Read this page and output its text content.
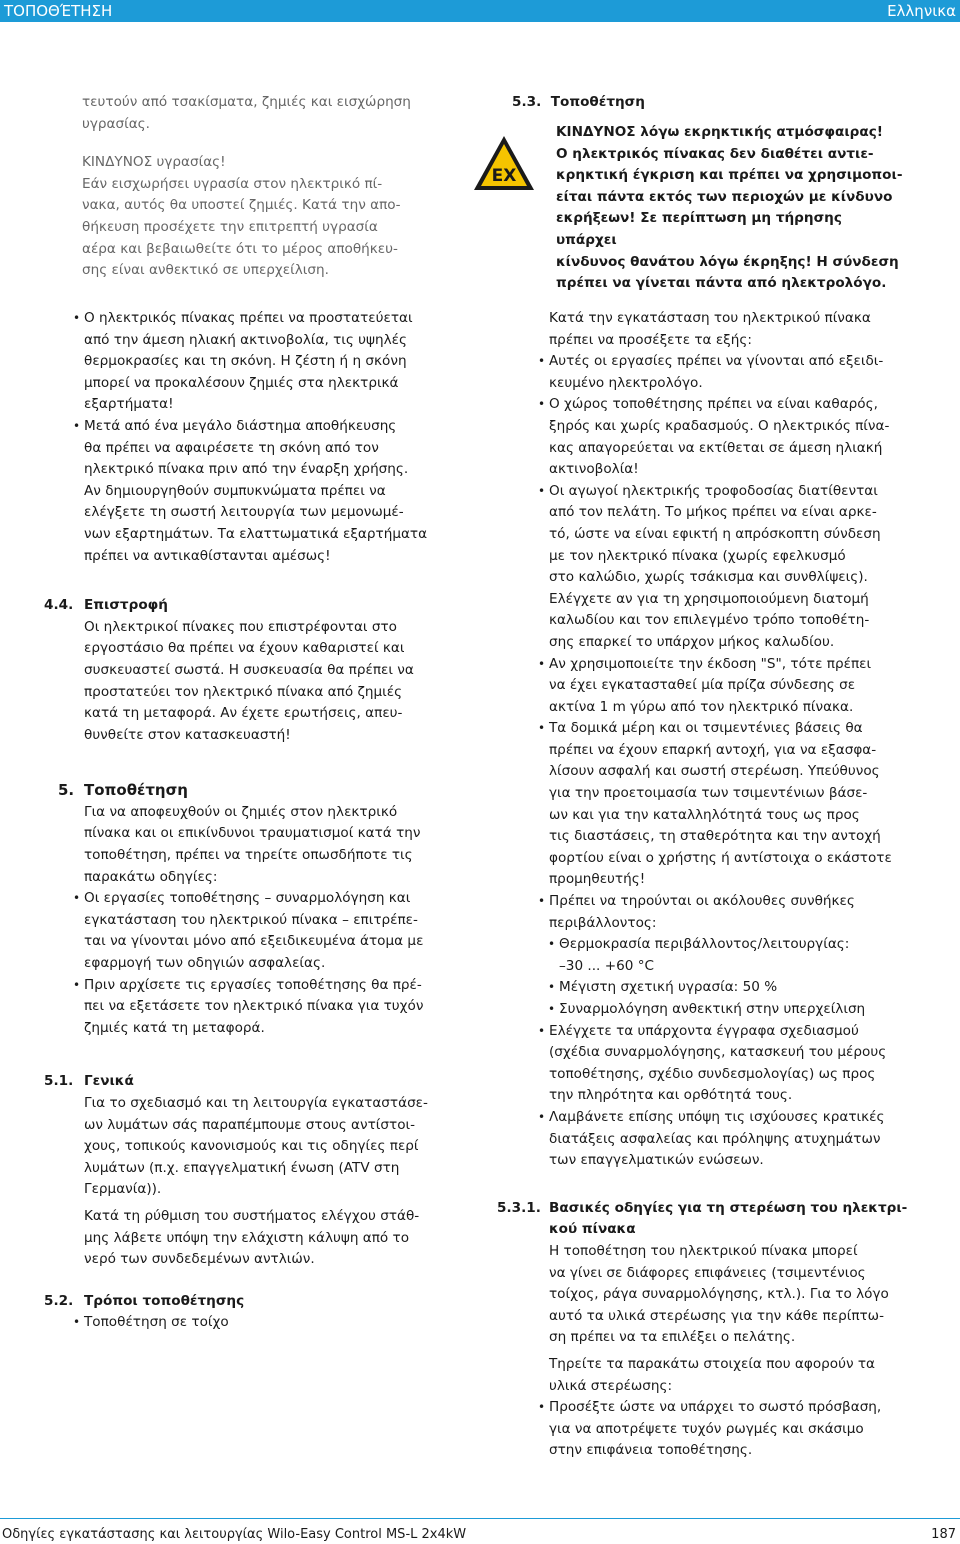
ΤΟΠΟΘΈΤΗΣΗ	Ελληνικα

τευτούν από τσακίσματα, ζημιές και εισχώρηση

υγρασίας.

ΚΙΝΔΥΝΟΣ υγρασίας!

Εάν εισχωρήσει υγρασία στον ηλεκτρικό πί-

νακα, αυτός θα υποστεί ζημιές. Κατά την απο-

θήκευση προσέχετε την επιτρεπτή υγρασία

αέρα και βεβαιωθείτε ότι το μέρος αποθήκευ-

σης είναι ανθεκτικό σε υπερχείλιση.

5.3. Τοποθέτηση

EX

ΚΙΝΔΥΝΟΣ λόγω εκρηκτικής ατμόσφαιρας!

Ο ηλεκτρικός πίνακας δεν διαθέτει αντιε-

κρηκτική έγκριση και πρέπει να χρησιμοποι-

είται πάντα εκτός των περιοχών με κίνδυνο

εκρήξεων! Σε περίπτωση μη τήρησης υπάρχει

κίνδυνος θανάτου λόγω έκρηξης! Η σύνδεση

πρέπει να γίνεται πάντα από ηλεκτρολόγο.

• Ο ηλεκτρικός πίνακας πρέπει να προστατεύεται

από την άμεση ηλιακή ακτινοβολία, τις υψηλές

θερμοκρασίες και τη σκόνη. Η ζέστη ή η σκόνη

μπορεί να προκαλέσουν ζημιές στα ηλεκτρικά

εξαρτήματα!

• Μετά από ένα μεγάλο διάστημα αποθήκευσης

θα πρέπει να αφαιρέσετε τη σκόνη από τον

ηλεκτρικό πίνακα πριν από την έναρξη χρήσης.

Αν δημιουργηθούν συμπυκνώματα πρέπει να

ελέγξετε τη σωστή λειτουργία των μεμονωμέ-

νων εξαρτημάτων. Τα ελαττωματικά εξαρτήματα

πρέπει να αντικαθίστανται αμέσως!

4.4. Επιστροφή

Οι ηλεκτρικοί πίνακες που επιστρέφονται στο

εργοστάσιο θα πρέπει να έχουν καθαριστεί και

συσκευαστεί σωστά. Η συσκευασία θα πρέπει να

προστατεύει τον ηλεκτρικό πίνακα από ζημιές

κατά τη μεταφορά. Αν έχετε ερωτήσεις, απευ-

θυνθείτε στον κατασκευαστή!

5. Τοποθέτηση

Για να αποφευχθούν οι ζημιές στον ηλεκτρικό

πίνακα και οι επικίνδυνοι τραυματισμοί κατά την

τοποθέτηση, πρέπει να τηρείτε οπωσδήποτε τις

παρακάτω οδηγίες:

• Οι εργασίες τοποθέτησης – συναρμολόγηση και

εγκατάσταση του ηλεκτρικού πίνακα – επιτρέπε-

ται να γίνονται μόνο από εξειδικευμένα άτομα με

εφαρμογή των οδηγιών ασφαλείας.

• Πριν αρχίσετε τις εργασίες τοποθέτησης θα πρέ-

πει να εξετάσετε τον ηλεκτρικό πίνακα για τυχόν

ζημιές κατά τη μεταφορά.

5.1. Γενικά

Για το σχεδιασμό και τη λειτουργία εγκαταστάσε-

ων λυμάτων σάς παραπέμπουμε στους αντίστοι-

χους, τοπικούς κανονισμούς και τις οδηγίες περί

λυμάτων (π.χ. επαγγελματική ένωση (ATV στη

Γερμανία)).

Κατά τη ρύθμιση του συστήματος ελέγχου στάθ-

μης λάβετε υπόψη την ελάχιστη κάλυψη από το

νερό των συνδεδεμένων αντλιών.

5.2. Τρόποι τοποθέτησης

• Τοποθέτηση σε τοίχο

Κατά την εγκατάσταση του ηλεκτρικού πίνακα

πρέπει να προσέξετε τα εξής:

• Αυτές οι εργασίες πρέπει να γίνονται από εξειδι-

κευμένο ηλεκτρολόγο.

• Ο χώρος τοποθέτησης πρέπει να είναι καθαρός,

ξηρός και χωρίς κραδασμούς. Ο ηλεκτρικός πίνα-

κας απαγορεύεται να εκτίθεται σε άμεση ηλιακή

ακτινοβολία!

• Οι αγωγοί ηλεκτρικής τροφοδοσίας διατίθενται

από τον πελάτη. Το μήκος πρέπει να είναι αρκε-

τό, ώστε να είναι εφικτή η απρόσκοπτη σύνδεση

με τον ηλεκτρικό πίνακα (χωρίς εφελκυσμό

στο καλώδιο, χωρίς τσάκισμα και συνθλίψεις).

Ελέγχετε αν για τη χρησιμοποιούμενη διατομή

καλωδίου και τον επιλεγμένο τρόπο τοποθέτη-

σης επαρκεί το υπάρχον μήκος καλωδίου.

• Αν χρησιμοποιείτε την έκδοση "S", τότε πρέπει

να έχει εγκατασταθεί μία πρίζα σύνδεσης σε

ακτίνα 1 m γύρω από τον ηλεκτρικό πίνακα.

• Τα δομικά μέρη και οι τσιμεντένιες βάσεις θα

πρέπει να έχουν επαρκή αντοχή, για να εξασφα-

λίσουν ασφαλή και σωστή στερέωση. Υπεύθυνος

για την προετοιμασία των τσιμεντένιων βάσε-

ων και για την καταλληλότητά τους ως προς

τις διαστάσεις, τη σταθερότητα και την αντοχή

φορτίου είναι ο χρήστης ή αντίστοιχα ο εκάστοτε

προμηθευτής!

• Πρέπει να τηρούνται οι ακόλουθες συνθήκες

περιβάλλοντος:

• Θερμοκρασία περιβάλλοντος/λειτουργίας:

–30 ... +60 °C

• Μέγιστη σχετική υγρασία: 50 %

• Συναρμολόγηση ανθεκτική στην υπερχείλιση

• Ελέγχετε τα υπάρχοντα έγγραφα σχεδιασμού

(σχέδια συναρμολόγησης, κατασκευή του μέρους

τοποθέτησης, σχέδιο συνδεσμολογίας) ως προς

την πληρότητα και ορθότητά τους.

• Λαμβάνετε επίσης υπόψη τις ισχύουσες κρατικές

διατάξεις ασφαλείας και πρόληψης ατυχημάτων

των επαγγελματικών ενώσεων.

5.3.1. Βασικές οδηγίες για τη στερέωση του ηλεκτρι-

κού πίνακα

Η τοποθέτηση του ηλεκτρικού πίνακα μπορεί

να γίνει σε διάφορες επιφάνειες (τσιμεντένιος

τοίχος, ράγα συναρμολόγησης, κτλ.). Για το λόγο

αυτό τα υλικά στερέωσης για την κάθε περίπτω-

ση πρέπει να τα επιλέξει ο πελάτης.

Τηρείτε τα παρακάτω στοιχεία που αφορούν τα

υλικά στερέωσης:

• Προσέξτε ώστε να υπάρχει το σωστό πρόσβαση,

για να αποτρέψετε τυχόν ρωγμές και σκάσιμο

στην επιφάνεια τοποθέτησης.

Οδηγίες εγκατάστασης και λειτουργίας Wilo-Easy Control MS-L 2x4kW	187
